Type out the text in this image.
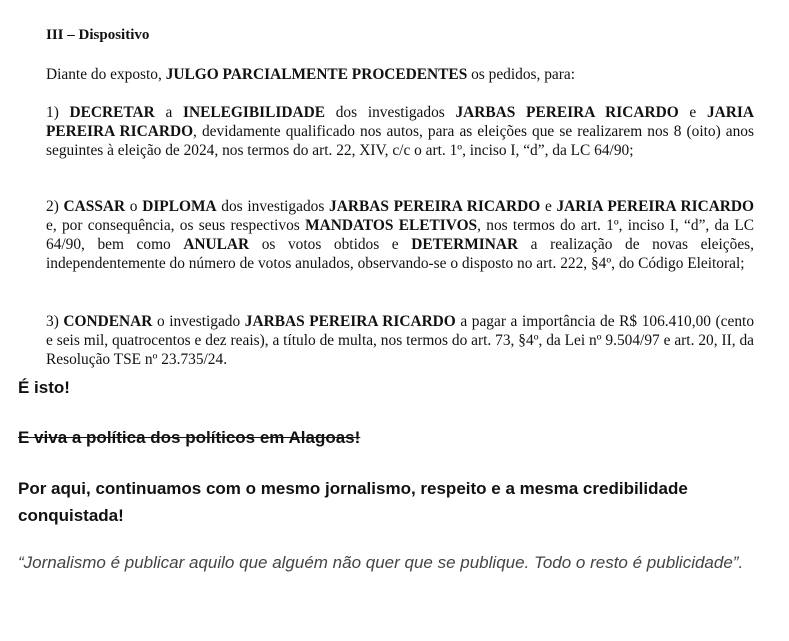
III – Dispositivo

Diante do exposto, JULGO PARCIALMENTE PROCEDENTES os pedidos, para:

1) DECRETAR a INELEGIBILIDADE dos investigados JARBAS PEREIRA RICARDO e JARIA PEREIRA RICARDO, devidamente qualificado nos autos, para as eleições que se realizarem nos 8 (oito) anos seguintes à eleição de 2024, nos termos do art. 22, XIV, c/c o art. 1º, inciso I, “d”, da LC 64/90;

2) CASSAR o DIPLOMA dos investigados JARBAS PEREIRA RICARDO e JARIA PEREIRA RICARDO e, por consequência, os seus respectivos MANDATOS ELETIVOS, nos termos do art. 1º, inciso I, “d”, da LC 64/90, bem como ANULAR os votos obtidos e DETERMINAR a realização de novas eleições, independentemente do número de votos anulados, observando-se o disposto no art. 222, §4º, do Código Eleitoral;

3) CONDENAR o investigado JARBAS PEREIRA RICARDO a pagar a importância de R$ 106.410,00 (cento e seis mil, quatrocentos e dez reais), a título de multa, nos termos do art. 73, §4º, da Lei nº 9.504/97 e art. 20, II, da Resolução TSE nº 23.735/24.

É isto!
E viva a política dos políticos em Alagoas!
Por aqui, continuamos com o mesmo jornalismo, respeito e a mesma credibilidade conquistada!
“Jornalismo é publicar aquilo que alguém não quer que se publique. Todo o resto é publicidade”.
